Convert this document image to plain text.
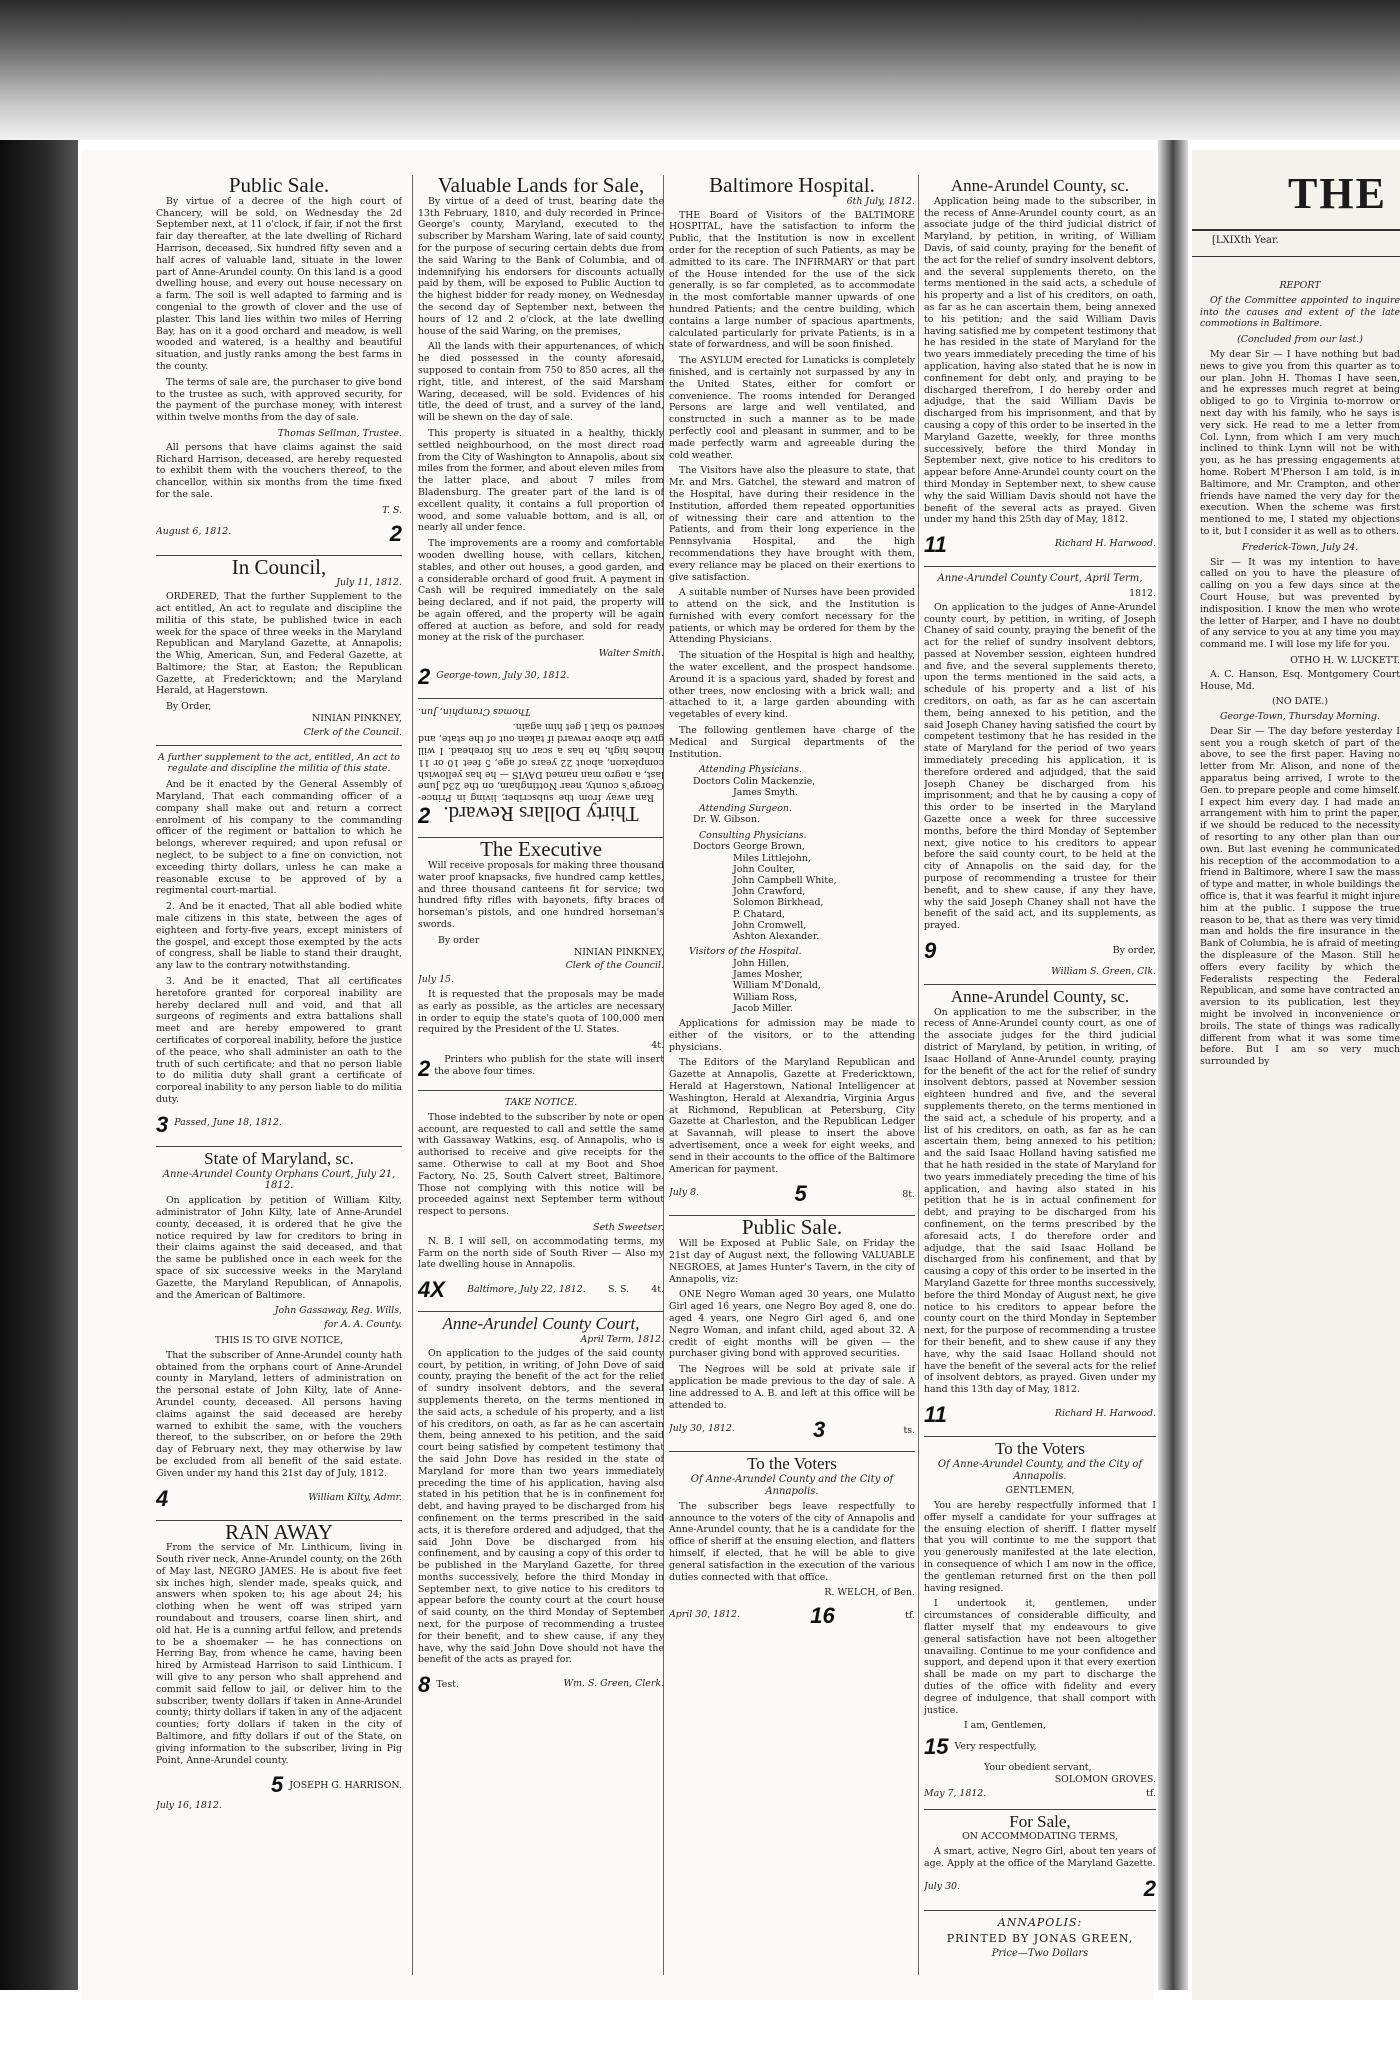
Public Sale.

By virtue of a decree of the high court of Chancery, will be sold, on Wednesday the 2d September next, at 11 o'clock, if fair, if not the first fair day thereafter, at the late dwelling of Richard Harrison, deceased, Six hundred fifty seven and a half acres of valuable land, situate in the lower part of Anne-Arundel county. On this land is a good dwelling house, and every out house necessary on a farm. The soil is well adapted to farming and is congenial to the growth of clover and the use of plaster. This land lies within two miles of Herring Bay, has on it a good orchard and meadow, is well wooded and watered, is a healthy and beautiful situation, and justly ranks among the best farms in the county.

The terms of sale are, the purchaser to give bond to the trustee as such, with approved security, for the payment of the purchase money, with interest within twelve months from the day of sale.

Thomas Sellman, Trustee.

All persons that have claims against the said Richard Harrison, deceased, are hereby requested to exhibit them with the vouchers thereof, to the chancellor, within six months from the time fixed for the sale.

T. S.
August 6, 1812.	2
In Council,
July 11, 1812.

ORDERED, That the further Supplement to the act entitled, An act to regulate and discipline the militia of this state, be published twice in each week for the space of three weeks in the Maryland Republican and Maryland Gazette, at Annapolis; the Whig, American, Sun, and Federal Gazette, at Baltimore; the Star, at Easton; the Republican Gazette, at Fredericktown; and the Maryland Herald, at Hagerstown.

By Order,
NINIAN PINKNEY,
Clerk of the Council.

A further supplement to the act, entitled, An act to regulate and discipline the militia of this state.

And be it enacted by the General Assembly of Maryland, That each commanding officer of a company shall make out and return a correct enrolment of his company to the commanding officer of the regiment or battalion to which he belongs, wherever required; and upon refusal or neglect, to be subject to a fine on conviction, not exceeding thirty dollars, unless he can make a reasonable excuse to be approved of by a regimental court-martial.

2. And be it enacted, That all able bodied white male citizens in this state, between the ages of eighteen and forty-five years, except ministers of the gospel, and except those exempted by the acts of congress, shall be liable to stand their draught, any law to the contrary notwithstanding.

3. And be it enacted, That all certificates heretofore granted for corporeal inability are hereby declared null and void, and that all surgeons of regiments and extra battalions shall meet and are hereby empowered to grant certificates of corporeal inability, before the justice of the peace, who shall administer an oath to the truth of such certificate; and that no person liable to do militia duty shall grant a certificate of corporeal inability to any person liable to do militia duty.

3 Passed, June 18, 1812.
State of Maryland, sc.
Anne-Arundel County Orphans Court, July 21, 1812.

On application by petition of William Kilty, administrator of John Kilty, late of Anne-Arundel county, deceased, it is ordered that he give the notice required by law for creditors to bring in their claims against the said deceased, and that the same be published once in each week for the space of six successive weeks in the Maryland Gazette, the Maryland Republican, of Annapolis, and the American of Baltimore.

John Gassaway, Reg. Wills,
for A. A. County.
THIS IS TO GIVE NOTICE,

That the subscriber of Anne-Arundel county hath obtained from the orphans court of Anne-Arundel county in Maryland, letters of administration on the personal estate of John Kilty, late of Anne-Arundel county, deceased. All persons having claims against the said deceased are hereby warned to exhibit the same, with the vouchers thereof, to the subscriber, on or before the 29th day of February next, they may otherwise by law be excluded from all benefit of the said estate. Given under my hand this 21st day of July, 1812.

4	William Kilty, Admr.
RAN AWAY

From the service of Mr. Linthicum, living in South river neck, Anne-Arundel county, on the 26th of May last, NEGRO JAMES. He is about five feet six inches high, slender made, speaks quick, and answers when spoken to; his age about 24; his clothing when he went off was striped yarn roundabout and trousers, coarse linen shirt, and old hat. He is a cunning artful fellow, and pretends to be a shoemaker — he has connections on Herring Bay, from whence he came, having been hired by Armistead Harrison to said Linthicum. I will give to any person who shall apprehend and commit said fellow to jail, or deliver him to the subscriber, twenty dollars if taken in Anne-Arundel county; thirty dollars if taken in any of the adjacent counties; forty dollars if taken in the city of Baltimore, and fifty dollars if out of the State, on giving information to the subscriber, living in Pig Point, Anne-Arundel county.

5 JOSEPH G. HARRISON.
July 16, 1812.
Valuable Lands for Sale,

By virtue of a deed of trust, bearing date the 13th February, 1810, and duly recorded in Prince-George's county, Maryland, executed to the subscriber by Marsham Waring, late of said county, for the purpose of securing certain debts due from the said Waring to the Bank of Columbia, and of indemnifying his endorsers for discounts actually paid by them, will be exposed to Public Auction to the highest bidder for ready money, on Wednesday the second day of September next, between the hours of 12 and 2 o'clock, at the late dwelling house of the said Waring, on the premises,

All the lands with their appurtenances, of which he died possessed in the county aforesaid, supposed to contain from 750 to 850 acres, all the right, title, and interest, of the said Marsham Waring, deceased, will be sold. Evidences of his title, the deed of trust, and a survey of the land, will be shewn on the day of sale.

This property is situated in a healthy, thickly settled neighbourhood, on the most direct road from the City of Washington to Annapolis, about six miles from the former, and about eleven miles from the latter place, and about 7 miles from Bladensburg. The greater part of the land is of excellent quality, it contains a full proportion of wood, and some valuable bottom, and is all, or nearly all under fence.

The improvements are a roomy and comfortable wooden dwelling house, with cellars, kitchen, stables, and other out houses, a good garden, and a considerable orchard of good fruit. A payment in Cash will be required immediately on the sale being declared, and if not paid, the property will be again offered, and the property will be again offered at auction as before, and sold for ready money at the risk of the purchaser.

Walter Smith.
2 George-town, July 30, 1812.
Thirty Dollars Reward.

Ran away from the subscriber, living in Prince-George's county, near Nottingham, on the 23d June last, a negro man named DAVIS — he has yellowish complexion, about 22 years of age, 5 feet 10 or 11 inches high, he has a scar on his forehead. I will give the above reward if taken out of the state, and secured so that I get him again.

Thomas Cramphin, Jun.
2
The Executive

Will receive proposals for making three thousand water proof knapsacks, five hundred camp kettles, and three thousand canteens fit for service; two hundred fifty rifles with bayonets, fifty braces of horseman's pistols, and one hundred horseman's swords.

By order
NINIAN PINKNEY,
Clerk of the Council.
July 15.

It is requested that the proposals may be made as early as possible, as the articles are necessary in order to equip the state's quota of 100,000 men required by the President of the U. States.

4t.
2	Printers who publish for the state will insert the above four times.

TAKE NOTICE.

Those indebted to the subscriber by note or open account, are requested to call and settle the same with Gassaway Watkins, esq. of Annapolis, who is authorised to receive and give receipts for the same. Otherwise to call at my Boot and Shoe Factory, No. 25, South Calvert street, Baltimore. Those not complying with this notice will be proceeded against next September term without respect to persons.

Seth Sweetser.

N. B. I will sell, on accommodating terms, my Farm on the north side of South River — Also my late dwelling house in Annapolis.

4X Baltimore, July 22, 1812. S. S. 4t.
Anne-Arundel County Court,
April Term, 1812.

On application to the judges of the said county court, by petition, in writing, of John Dove of said county, praying the benefit of the act for the relief of sundry insolvent debtors, and the several supplements thereto, on the terms mentioned in the said acts, a schedule of his property, and a list of his creditors, on oath, as far as he can ascertain them, being annexed to his petition, and the said court being satisfied by competent testimony that the said John Dove has resided in the state of Maryland for more than two years immediately preceding the time of his application, having also stated in his petition that he is in confinement for debt, and having prayed to be discharged from his confinement on the terms prescribed in the said acts, it is therefore ordered and adjudged, that the said John Dove be discharged from his confinement, and by causing a copy of this order to be published in the Maryland Gazette, for three months successively, before the third Monday in September next, to give notice to his creditors to appear before the county court at the court house of said county, on the third Monday of September next, for the purpose of recommending a trustee for their benefit, and to shew cause, if any they have, why the said John Dove should not have the benefit of the acts as prayed for.

8 Test.	Wm. S. Green, Clerk.
Baltimore Hospital.
6th July, 1812.

THE Board of Visitors of the BALTIMORE HOSPITAL, have the satisfaction to inform the Public, that the Institution is now in excellent order for the reception of such Patients, as may be admitted to its care. The INFIRMARY or that part of the House intended for the use of the sick generally, is so far completed, as to accommodate in the most comfortable manner upwards of one hundred Patients; and the centre building, which contains a large number of spacious apartments, calculated particularly for private Patients, is in a state of forwardness, and will be soon finished.

The ASYLUM erected for Lunaticks is completely finished, and is certainly not surpassed by any in the United States, either for comfort or convenience. The rooms intended for Deranged Persons are large and well ventilated, and constructed in such a manner as to be made perfectly cool and pleasant in summer, and to be made perfectly warm and agreeable during the cold weather.

The Visitors have also the pleasure to state, that Mr. and Mrs. Gatchel, the steward and matron of the Hospital, have during their residence in the Institution, afforded them repeated opportunities of witnessing their care and attention to the Patients, and from their long experience in the Pennsylvania Hospital, and the high recommendations they have brought with them, every reliance may be placed on their exertions to give satisfaction.

A suitable number of Nurses have been provided to attend on the sick, and the Institution is furnished with every comfort necessary for the patients, or which may be ordered for them by the Attending Physicians.

The situation of the Hospital is high and healthy, the water excellent, and the prospect handsome. Around it is a spacious yard, shaded by forest and other trees, now enclosing with a brick wall; and attached to it, a large garden abounding with vegetables of every kind.

The following gentlemen have charge of the Medical and Surgical departments of the Institution.

Attending Physicians.
Doctors Colin Mackenzie,
James Smyth.
Attending Surgeon.
Dr. W. Gibson.
Consulting Physicians.
Doctors George Brown,
Miles Littlejohn,
John Coulter,
John Campbell White,
John Crawford,
Solomon Birkhead,
P. Chatard,
John Cromwell,
Ashton Alexander.
Visitors of the Hospital.
John Hillen,
James Mosher,
William M'Donald,
William Ross,
Jacob Miller.

Applications for admission may be made to either of the visitors, or to the attending physicians.

The Editors of the Maryland Republican and Gazette at Annapolis, Gazette at Fredericktown, Herald at Hagerstown, National Intelligencer at Washington, Herald at Alexandria, Virginia Argus at Richmond, Republican at Petersburg, City Gazette at Charleston, and the Republican Ledger at Savannah, will please to insert the above advertisement, once a week for eight weeks, and send in their accounts to the office of the Baltimore American for payment.

July 8.	5	8t.
Public Sale.

Will be Exposed at Public Sale, on Friday the 21st day of August next, the following VALUABLE NEGROES, at James Hunter's Tavern, in the city of Annapolis, viz:

ONE Negro Woman aged 30 years, one Mulatto Girl aged 16 years, one Negro Boy aged 8, one do. aged 4 years, one Negro Girl aged 6, and one Negro Woman, and infant child, aged about 32. A credit of eight months will be given — the purchaser giving bond with approved securities.

The Negroes will be sold at private sale if application be made previous to the day of sale. A line addressed to A. B. and left at this office will be attended to.

July 30, 1812.	3	ts.
To the Voters
Of Anne-Arundel County and the City of Annapolis.

The subscriber begs leave respectfully to announce to the voters of the city of Annapolis and Anne-Arundel county, that he is a candidate for the office of sheriff at the ensuing election, and flatters himself, if elected, that he will be able to give general satisfaction in the execution of the various duties connected with that office.

R. WELCH, of Ben.
April 30, 1812.	16	tf.
Anne-Arundel County, sc.

Application being made to the subscriber, in the recess of Anne-Arundel county court, as an associate judge of the third judicial district of Maryland, by petition, in writing, of William Davis, of said county, praying for the benefit of the act for the relief of sundry insolvent debtors, and the several supplements thereto, on the terms mentioned in the said acts, a schedule of his property and a list of his creditors, on oath, as far as he can ascertain them, being annexed to his petition; and the said William Davis having satisfied me by competent testimony that he has resided in the state of Maryland for the two years immediately preceding the time of his application, having also stated that he is now in confinement for debt only, and praying to be discharged therefrom, I do hereby order and adjudge, that the said William Davis be discharged from his imprisonment, and that by causing a copy of this order to be inserted in the Maryland Gazette, weekly, for three months successively, before the third Monday in September next, give notice to his creditors to appear before Anne-Arundel county court on the third Monday in September next, to shew cause why the said William Davis should not have the benefit of the several acts as prayed. Given under my hand this 25th day of May, 1812.

11	Richard H. Harwood.
Anne-Arundel County Court, April Term,
1812.

On application to the judges of Anne-Arundel county court, by petition, in writing, of Joseph Chaney of said county, praying the benefit of the act for the relief of sundry insolvent debtors, passed at November session, eighteen hundred and five, and the several supplements thereto, upon the terms mentioned in the said acts, a schedule of his property and a list of his creditors, on oath, as far as he can ascertain them, being annexed to his petition, and the said Joseph Chaney having satisfied the court by competent testimony that he has resided in the state of Maryland for the period of two years immediately preceding his application, it is therefore ordered and adjudged, that the said Joseph Chaney be discharged from his imprisonment; and that he by causing a copy of this order to be inserted in the Maryland Gazette once a week for three successive months, before the third Monday of September next, give notice to his creditors to appear before the said county court, to be held at the city of Annapolis on the said day, for the purpose of recommending a trustee for their benefit, and to shew cause, if any they have, why the said Joseph Chaney shall not have the benefit of the said act, and its supplements, as prayed.

9	By order,
William S. Green, Clk.
Anne-Arundel County, sc.

On application to me the subscriber, in the recess of Anne-Arundel county court, as one of the associate judges for the third judicial district of Maryland, by petition, in writing, of Isaac Holland of Anne-Arundel county, praying for the benefit of the act for the relief of sundry insolvent debtors, passed at November session eighteen hundred and five, and the several supplements thereto, on the terms mentioned in the said act, a schedule of his property, and a list of his creditors, on oath, as far as he can ascertain them, being annexed to his petition; and the said Isaac Holland having satisfied me that he hath resided in the state of Maryland for two years immediately preceding the time of his application, and having also stated in his petition that he is in actual confinement for debt, and praying to be discharged from his confinement, on the terms prescribed by the aforesaid acts, I do therefore order and adjudge, that the said Isaac Holland be discharged from his confinement, and that by causing a copy of this order to be inserted in the Maryland Gazette for three months successively, before the third Monday of August next, he give notice to his creditors to appear before the county court on the third Monday in September next, for the purpose of recommending a trustee for their benefit, and to shew cause if any they have, why the said Isaac Holland should not have the benefit of the several acts for the relief of insolvent debtors, as prayed. Given under my hand this 13th day of May, 1812.

11	Richard H. Harwood.
To the Voters
Of Anne-Arundel County, and the City of Annapolis.
GENTLEMEN,

You are hereby respectfully informed that I offer myself a candidate for your suffrages at the ensuing election of sheriff. I flatter myself that you will continue to me the support that you generously manifested at the late election, in consequence of which I am now in the office, the gentleman returned first on the then poll having resigned.

I undertook it, gentlemen, under circumstances of considerable difficulty, and flatter myself that my endeavours to give general satisfaction have not been altogether unavailing. Continue to me your confidence and support, and depend upon it that every exertion shall be made on my part to discharge the duties of the office with fidelity and every degree of indulgence, that shall comport with justice.

I am, Gentlemen,
15 Very respectfully,
Your obedient servant,
SOLOMON GROVES.
May 7, 1812.	tf.
For Sale,
ON ACCOMMODATING TERMS,

A smart, active, Negro Girl, about ten years of age. Apply at the office of the Maryland Gazette.

July 30.	2
ANNAPOLIS:
PRINTED BY JONAS GREEN,
Price—Two Dollars
THE
[LXIXth Year.
REPORT

Of the Committee appointed to inquire into the causes and extent of the late commotions in Baltimore.

(Concluded from our last.)

My dear Sir — I have nothing but bad news to give you from this quarter as to our plan. John H. Thomas I have seen, and he expresses much regret at being obliged to go to Virginia to-morrow or next day with his family, who he says is very sick. He read to me a letter from Col. Lynn, from which I am very much inclined to think Lynn will not be with you, as he has pressing engagements at home. Robert M'Pherson I am told, is in Baltimore, and Mr. Crampton, and other friends have named the very day for the execution. When the scheme was first mentioned to me, I stated my objections to it, but I consider it as well as to others.

Frederick-Town, July 24.

Sir — It was my intention to have called on you to have the pleasure of calling on you a few days since at the Court House, but was prevented by indisposition. I know the men who wrote the letter of Harper, and I have no doubt of any service to you at any time you may command me. I will lose my life for you.

OTHO H. W. LUCKETT.

A. C. Hanson, Esq. Montgomery Court House, Md.

(NO DATE.)
George-Town, Thursday Morning.

Dear Sir — The day before yesterday I sent you a rough sketch of part of the above, to see the first paper. Having no letter from Mr. Alison, and none of the apparatus being arrived, I wrote to the Gen. to prepare people and come himself. I expect him every day. I had made an arrangement with him to print the paper, if we should be reduced to the necessity of resorting to any other plan than our own. But last evening he communicated his reception of the accommodation to a friend in Baltimore, where I saw the mass of type and matter, in whole buildings the office is, that it was fearful it might injure him at the public. I suppose the true reason to be, that as there was very timid man and holds the fire insurance in the Bank of Columbia, he is afraid of meeting the displeasure of the Mason. Still he offers every facility by which the Federalists respecting the Federal Republican, and some have contracted an aversion to its publication, lest they might be involved in inconvenience or broils. The state of things was radically different from what it was some time before. But I am so very much surrounded by
